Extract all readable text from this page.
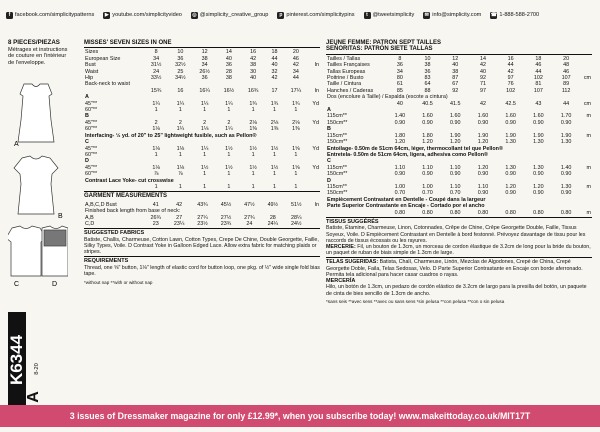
f facebook.com/simplicitypatterns	▶ youtube.com/simplicityvideo ◎ @simplicity_creative_group	p pinterest.com/simplicitypins	t @tweetsimplicity ✉ info@simplicity.com ☎ 1-888-588-2700
8 PIECES/PIEZAS
Métrages et instructions
de couture en l'intérieur
de l'enveloppe.
A
B
C	D
K6344
A
8-20
MISSES' SEVEN SIZES IN ONE
Sizes	8	10	12	14	16	18	20	
European Size	34	36	38	40	42	44	46	
Bust	31½	32½	34	36	38	40	42	In
Waist	24	25	26½	28	30	32	34	
Hip	33½	34½	36	38	40	42	44	
Back-neck to waist								
	15¾	16	16¼	16½	16¾	17	17¼	In
A								
45"**	1¼	1¼	1¼	1¼	1¾	1¾	1¾	Yd
60"**	1	1	1	1	1	1	1	
B								
45"**	2	2	2	2	2⅛	2⅛	2⅛	Yd
60"**	1⅛	1¼	1⅛	1¼	1⅜	1⅜	1⅜	
Interfacing- ½ yd. of 20" to 25" lightweight fusible, such as Pellon®								
C								
45"**	1⅛	1⅛	1¼	1½	1½	1½	1⅝	Yd
60"**	1	1	1	1	1	1	1	
D								
45"**	1⅛	1⅛	1½	1½	1½	1½	1⅝	Yd
60"**	⅞	⅞	1	1	1	1	1	
Contrast Lace Yoke- cut crosswise								
	1	1	1	1	1	1	1	
GARMENT MEASUREMENTS
A,B,C,D Bust	41	42	43¾	45½	47½	49½	51½	In
Finished back length from base of neck:								
A,B	26¾	27	27¼	27½	27¾	28	28¼	
C,D	23	23¼	23½	23¾	24	24¼	24½	
SUGGESTED FABRICS
Batiste, Challis, Charmeuse, Cotton Lawn, Cotton Types, Crepe De Chine, Double Georgette, Faille, Silky Types, Voile. D Contrast Yoke in Galloon Edged Lace. Allow extra fabric for matching plaids or stripes.
REQUIREMENTS
Thread, one ⅝" button, 1⅛" length of elastic cord for button loop, one pkg. of ½" wide single fold bias tape.
*without nap **with or without nap
JEUNE FEMME: PATRON SEPT TAILLES
SEÑORITAS: PATRÓN SIETE TALLAS
Tailles / Tallas	8	10	12	14	16	18	20	
Tailles Françaises	36	38	40	42	44	46	48	
Tallas Europeas	34	36	38	40	42	44	46	
Poitrine / Busto	80	83	87	92	97	102	107	cm
Taille / Cintura	61	64	67	71	76	81	89	
Hanches / Caderas	85	88	92	97	102	107	112	
Dos (encolure à Taille) / Espalda (escote a cintura)								
	40	40.5	41.5	42	42.5	43	44	cm
A								
115cm**	1.40	1.60	1.60	1.60	1.60	1.60	1.70	m
150cm**	0.90	0.90	0.90	0.90	0.90	0.90	0.90	
B								
115cm**	1.80	1.80	1.90	1.90	1.90	1.90	1.90	m
150cm**	1.20	1.20	1.20	1.20	1.30	1.30	1.30	
Entoilage- 0.50m de 51cm 64cm, léger, thermocollant tel que Pellon®								
Entretela- 0.50m de 51cm 64cm, ligera, adhesiva como Pellon®								
C								
115cm**	1.10	1.10	1.10	1.20	1.30	1.30	1.40	m
150cm**	0.90	0.90	0.90	0.90	0.90	0.90	0.90	
D								
115cm**	1.00	1.00	1.10	1.10	1.20	1.20	1.30	m
150cm**	0.70	0.70	0.70	0.90	0.90	0.90	0.90	
Empiècement Contrastant en Dentelle - Coupé dans la largeur								
Parte Superior Contrastante en Encaje - Cortado por el ancho								
	0.80	0.80	0.80	0.80	0.80	0.80	0.80	m
TISSUS SUGGÉRÉS
Batiste, Étamine, Charmeuse, Linon, Cotonnades, Crêpe de Chine, Crêpe Georgette Double, Faille, Tissus Soyeux, Voile. D Empiècement Contrastant en Dentelle à bord festonné. Prévoyez davantage de tissu pour les raccords de tissus écossais ou les rayures.
MERCERIE: Fil, un bouton de 1.3cm, un morceau de cordon élastique de 3.2cm de long pour la bride du bouton, un paquet de ruban de biais simple de 1.3cm de large.
TELAS SUGERIDAS: Batista, Chalí, Charmeuse, Linón, Mezclas de Algodones, Crepé de China, Crepé Georgette Doble, Faila, Telas Sedosas, Velo. D Parte Superior Contrastante en Encaje con borde aferronado. Permita tela adicional para hacer casar cuadros o rayas.
MERCERÍA
Hilo, un botón de 1.3cm, un pedazo de cordón elástico de 3.2cm de largo para la presilla del botón, un paquete de cinta de bies sencillo de 1.3cm de ancho.
*sans seis **avec sens **avec ou sans sens *sin pelusa **con pelusa **con o sin pelusa
3 issues of Dressmaker magazine for only £12.99*, when you subscribe today! www.makeittoday.co.uk/MIT17T
